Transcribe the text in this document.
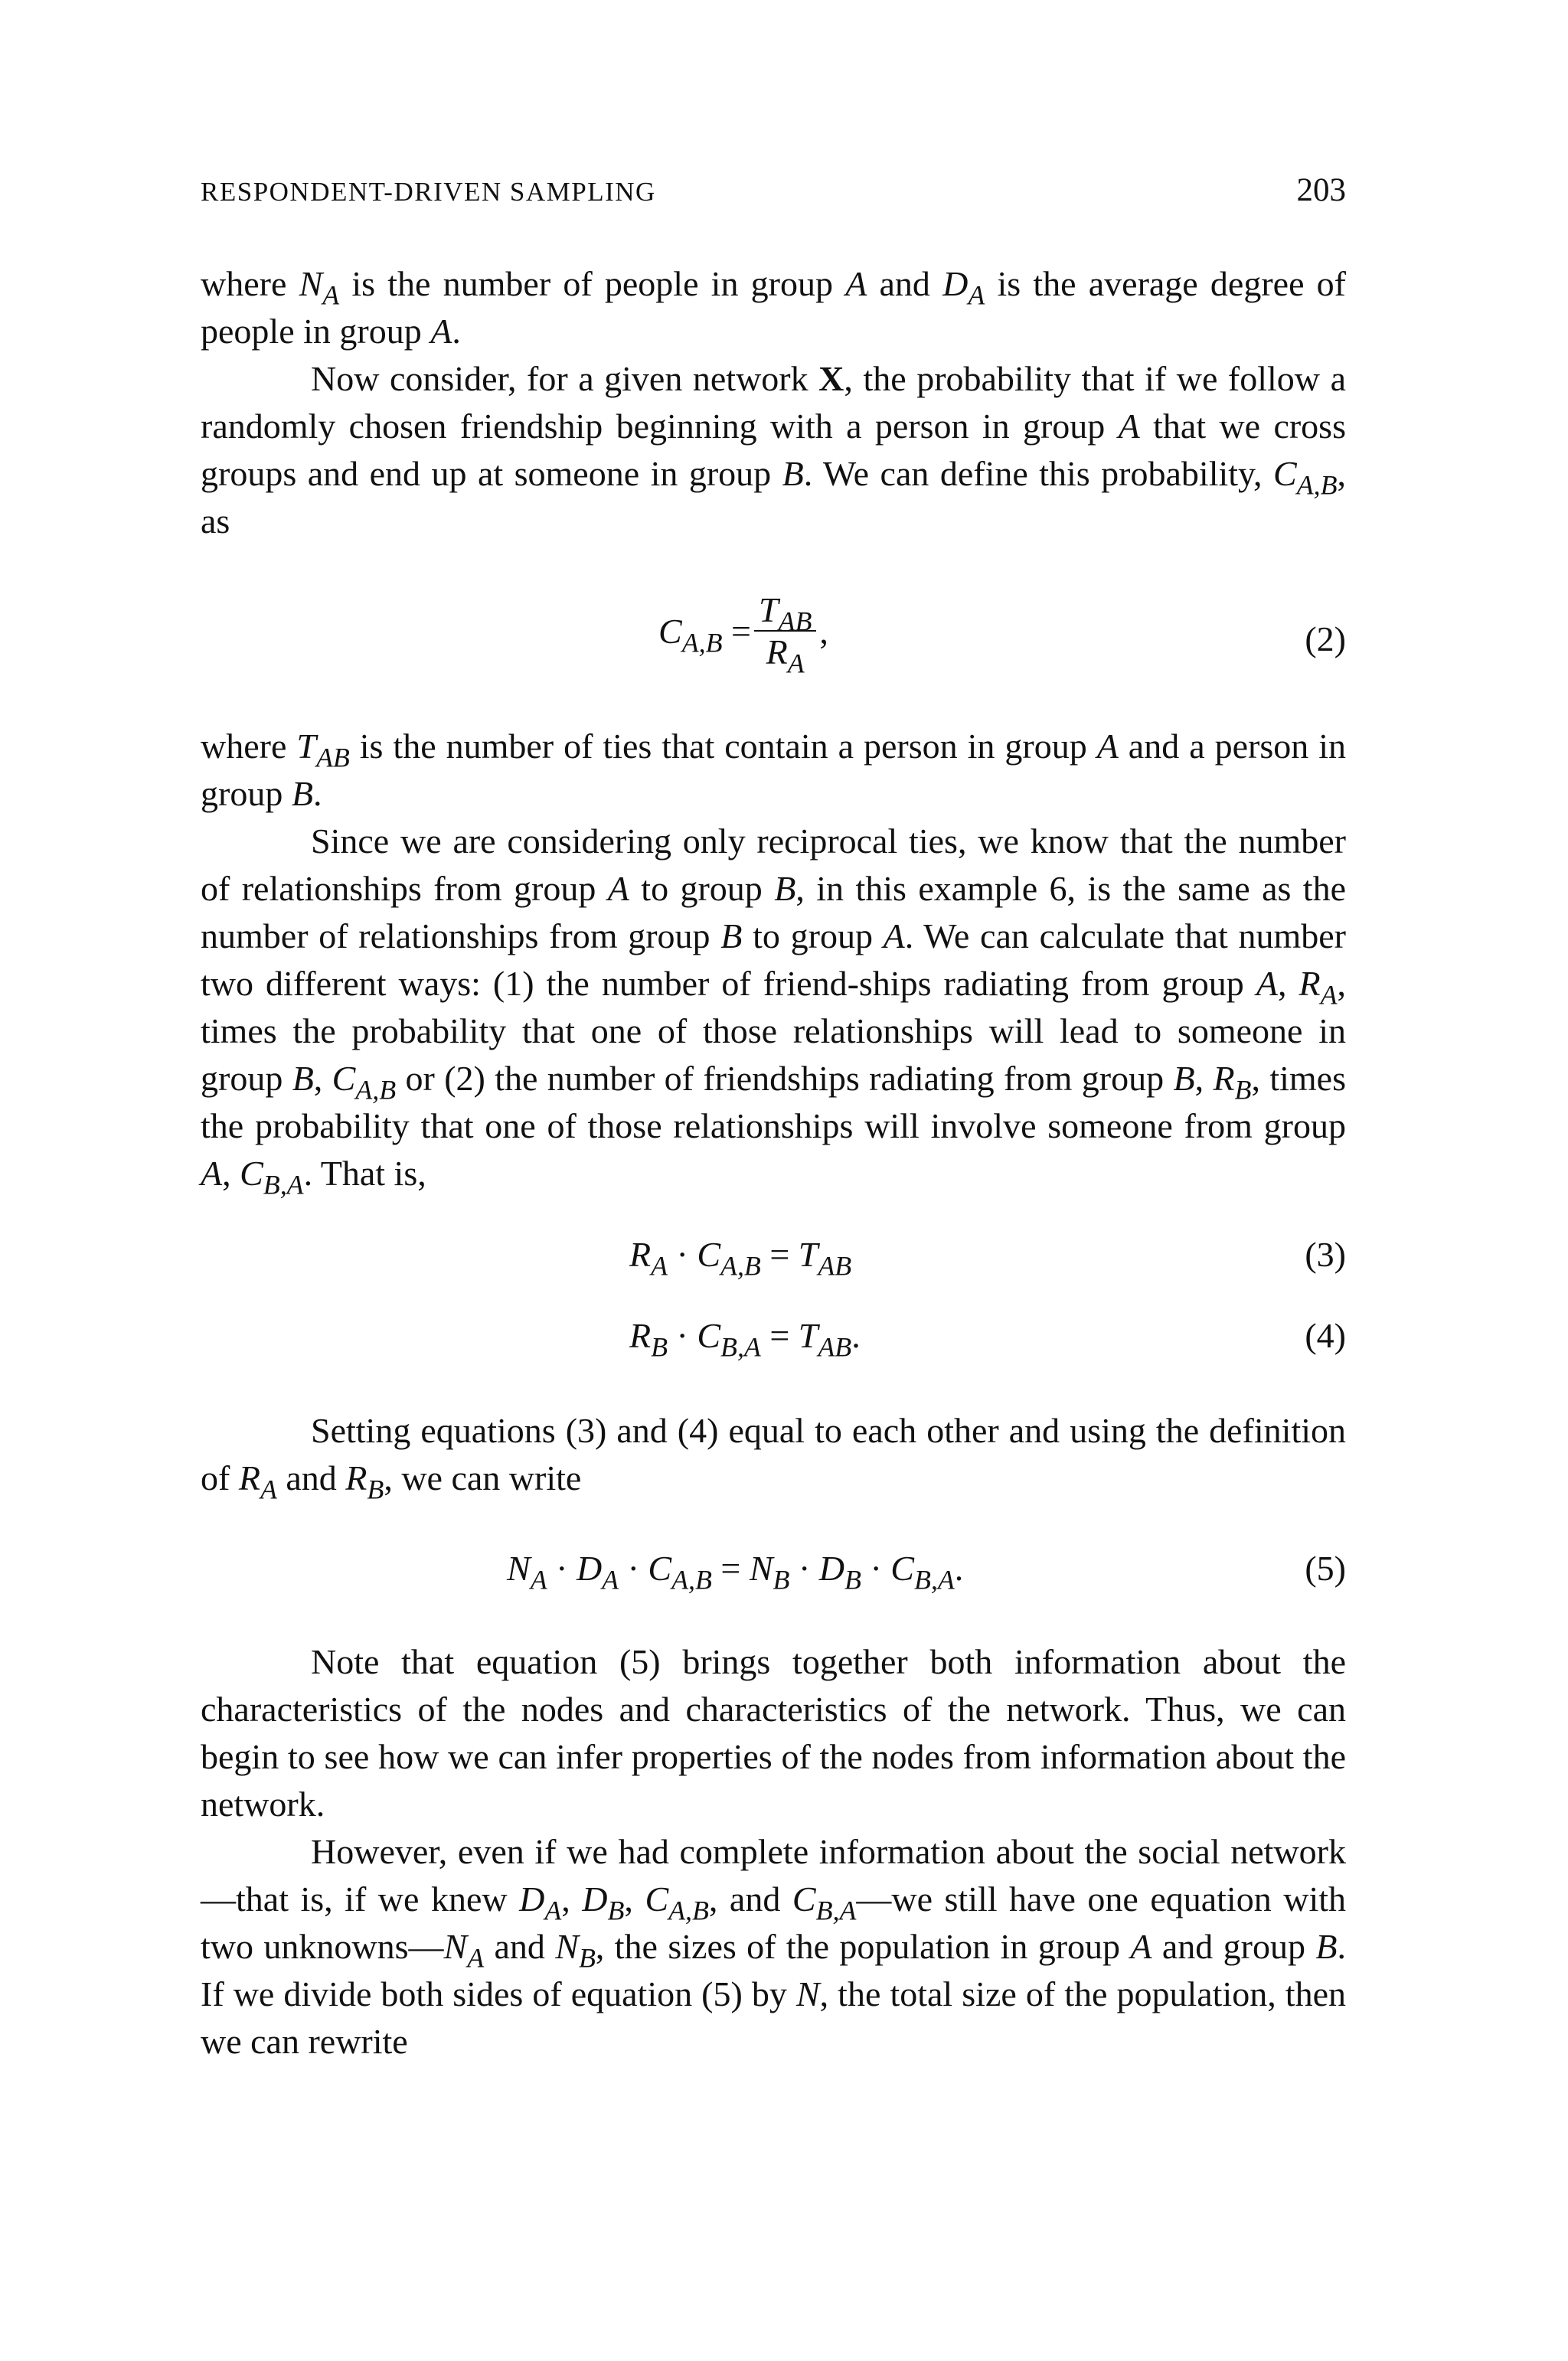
RESPONDENT-DRIVEN SAMPLING	203

where $N_A$ is the number of people in group A and $D_A$ is the average degree of people in group A.

Now consider, for a given network X, the probability that if we follow a randomly chosen friendship beginning with a person in group A that we cross groups and end up at someone in group B. We can define this probability, $C_{A,B}$, as

$C_{A,B} = \frac{T_{AB}}{R_A}$ ,	(2)

where $T_{AB}$ is the number of ties that contain a person in group A and a person in group B.

Since we are considering only reciprocal ties, we know that the number of relationships from group A to group B, in this example 6, is the same as the number of relationships from group B to group A. We can calculate that number two different ways: (1) the number of friend-ships radiating from group A, $R_A$, times the probability that one of those relationships will lead to someone in group B, $C_{A,B}$ or (2) the number of friendships radiating from group B, $R_B$, times the probability that one of those relationships will involve someone from group A, $C_{B,A}$. That is,

$R_A \cdot C_{A,B} = T_{AB}$	(3)
$R_B \cdot C_{B,A} = T_{AB}$.	(4)

Setting equations (3) and (4) equal to each other and using the definition of $R_A$ and $R_B$, we can write

$N_A \cdot D_A \cdot C_{A,B} = N_B \cdot D_B \cdot C_{B,A}$.	(5)

Note that equation (5) brings together both information about the characteristics of the nodes and characteristics of the network. Thus, we can begin to see how we can infer properties of the nodes from information about the network.

However, even if we had complete information about the social network—that is, if we knew $D_A$, $D_B$, $C_{A,B}$, and $C_{B,A}—we$ still have one equation with two $unknowns—N_A$ and $N_B$, the sizes of the population in group A and group B. If we divide both sides of equation (5) by N, the total size of the population, then we can rewrite
